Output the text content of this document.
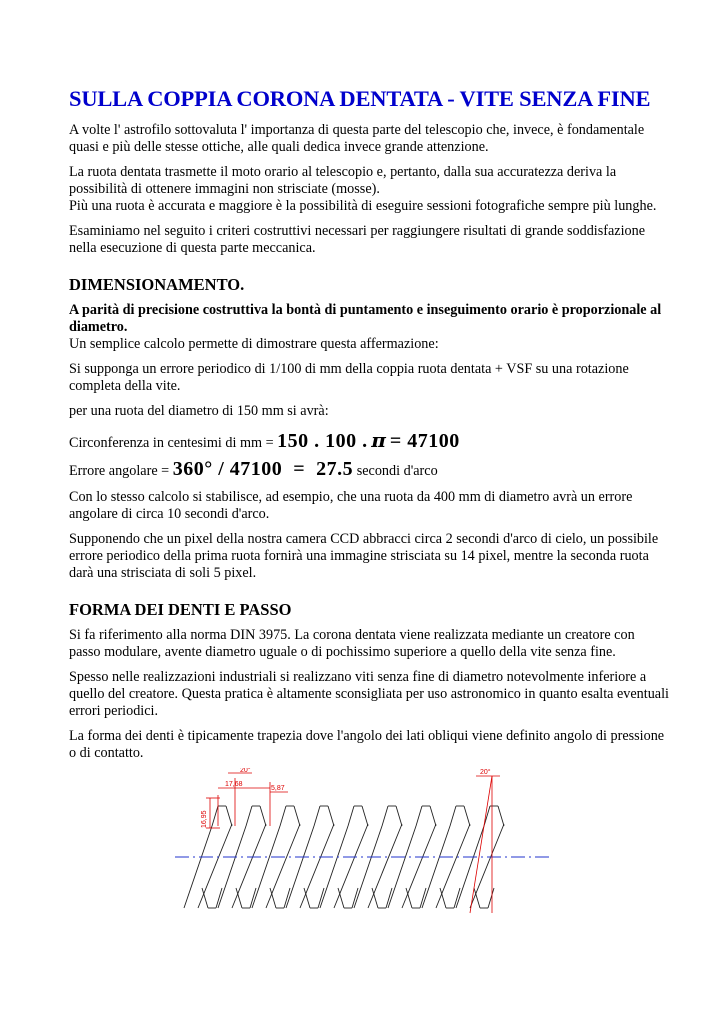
SULLA COPPIA CORONA DENTATA - VITE SENZA FINE

A volte l' astrofilo sottovaluta l' importanza di questa parte del telescopio che, invece, è fondamentale quasi e più delle stesse ottiche, alle quali dedica invece grande attenzione.

La ruota dentata trasmette il moto orario al telescopio e, pertanto, dalla sua accuratezza deriva la possibilità di ottenere immagini non strisciate (mosse).

Più una ruota è accurata e maggiore è la possibilità di eseguire sessioni fotografiche sempre più lunghe.

Esaminiamo nel seguito i criteri costruttivi necessari per raggiungere risultati di grande soddisfazione nella esecuzione di questa parte meccanica.

DIMENSIONAMENTO.

A parità di precisione costruttiva la bontà di puntamento e inseguimento orario è proporzionale al diametro.

Un semplice calcolo permette di dimostrare questa affermazione:

Si supponga un errore periodico di 1/100 di mm della coppia ruota dentata + VSF su una rotazione completa della vite.

per una ruota del diametro di 150 mm si avrà:

Circonferenza in centesimi di mm = 150 . 100 . π = 47100
Errore angolare = 360° / 47100  =  27.5 secondi d'arco

Con lo stesso calcolo si stabilisce, ad esempio, che una ruota da 400 mm di diametro avrà un errore angolare di circa 10 secondi d'arco.

Supponendo che un pixel della nostra camera CCD abbracci circa 2 secondi d'arco di cielo, un possibile errore periodico della prima ruota fornirà una immagine strisciata su 14 pixel, mentre la seconda ruota darà una strisciata di soli 5 pixel.

FORMA DEI DENTI E PASSO

Si fa riferimento alla norma DIN 3975. La corona dentata viene realizzata mediante un creatore con passo modulare, avente diametro uguale o di pochissimo superiore a quello della vite senza fine.

Spesso nelle realizzazioni industriali si realizzano viti senza fine di diametro notevolmente inferiore a quello del creatore. Questa pratica è altamente sconsigliata per uso astronomico in quanto esalta eventuali errori periodici.

La forma dei denti è tipicamente trapezia dove l'angolo dei lati obliqui viene definito angolo di pressione o di contatto.

20°
17,68
5,87
16,95
20°
